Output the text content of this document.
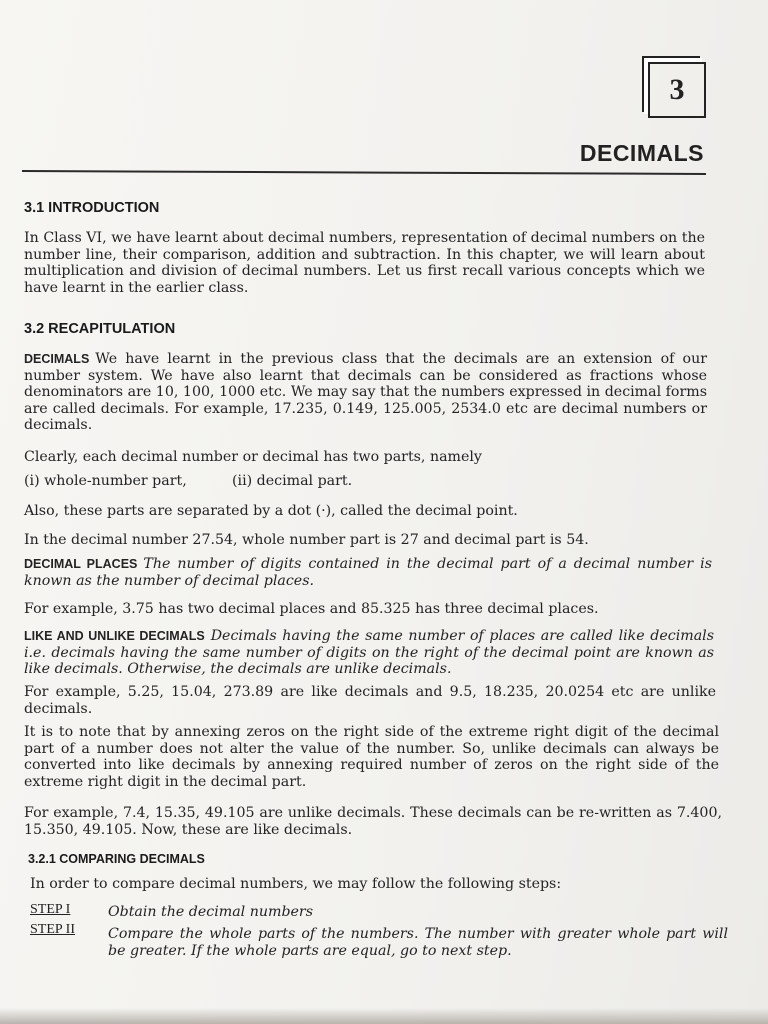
3
DECIMALS
3.1 INTRODUCTION
In Class VI, we have learnt about decimal numbers, representation of decimal numbers on the number line, their comparison, addition and subtraction. In this chapter, we will learn about multiplication and division of decimal numbers. Let us first recall various concepts which we have learnt in the earlier class.
3.2 RECAPITULATION
DECIMALS We have learnt in the previous class that the decimals are an extension of our number system. We have also learnt that decimals can be considered as fractions whose denominators are 10, 100, 1000 etc. We may say that the numbers expressed in decimal forms are called decimals. For example, 17.235, 0.149, 125.005, 2534.0 etc are decimal numbers or decimals.
Clearly, each decimal number or decimal has two parts, namely
(i) whole-number part,	(ii) decimal part.
Also, these parts are separated by a dot (·), called the decimal point.
In the decimal number 27.54, whole number part is 27 and decimal part is 54.
DECIMAL PLACES The number of digits contained in the decimal part of a decimal number is known as the number of decimal places.
For example, 3.75 has two decimal places and 85.325 has three decimal places.
LIKE AND UNLIKE DECIMALS Decimals having the same number of places are called like decimals i.e. decimals having the same number of digits on the right of the decimal point are known as like decimals. Otherwise, the decimals are unlike decimals.
For example, 5.25, 15.04, 273.89 are like decimals and 9.5, 18.235, 20.0254 etc are unlike decimals.
It is to note that by annexing zeros on the right side of the extreme right digit of the decimal part of a number does not alter the value of the number. So, unlike decimals can always be converted into like decimals by annexing required number of zeros on the right side of the extreme right digit in the decimal part.
For example, 7.4, 15.35, 49.105 are unlike decimals. These decimals can be re-written as 7.400, 15.350, 49.105. Now, these are like decimals.
3.2.1 COMPARING DECIMALS
In order to compare decimal numbers, we may follow the following steps:
STEP I	Obtain the decimal numbers
STEP II Compare the whole parts of the numbers. The number with greater whole part will be greater. If the whole parts are equal, go to next step.
